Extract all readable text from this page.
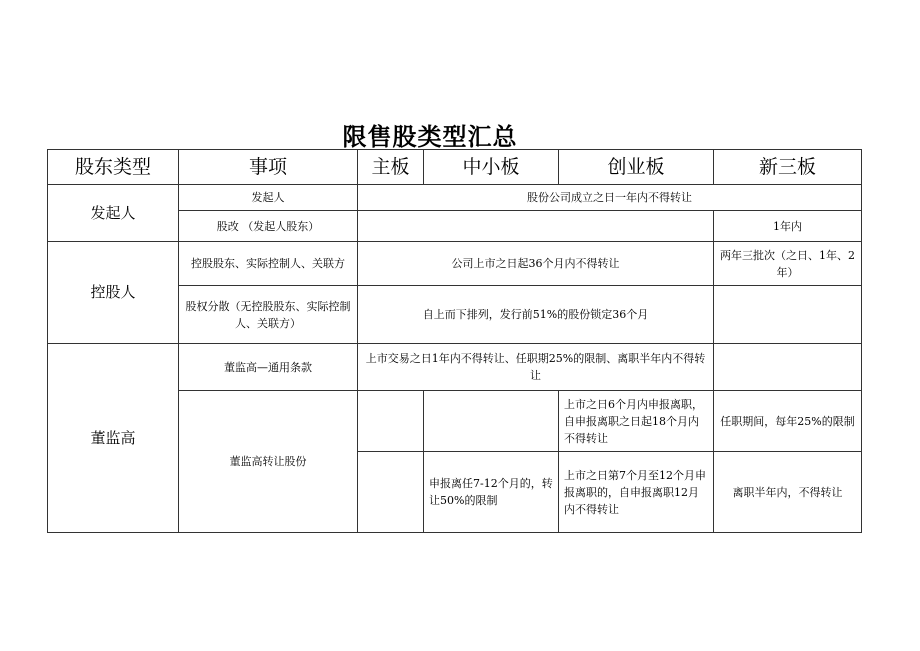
限售股类型汇总
股东类型	事项	主板	中小板	创业板	新三板
发起人	发起人	股份公司成立之日一年内不得转让			
	股改 （发起人股东）				1年内
控股人	控股股东、实际控制人、关联方	公司上市之日起36个月内不得转让			两年三批次（之日、1年、2年）
	股权分散（无控股股东、实际控制人、关联方）	自上而下排列，发行前51%的股份锁定36个月			
董监高	董监高—通用条款	上市交易之日1年内不得转让、任职期25%的限制、离职半年内不得转让			
	董监高转让股份			上市之日6个月内申报离职，自申报离职之日起18个月内不得转让	任职期间，每年25%的限制
			申报离任7-12个月的，转让50%的限制	上市之日第7个月至12个月申报离职的，自申报离职12月内不得转让	离职半年内，不得转让
